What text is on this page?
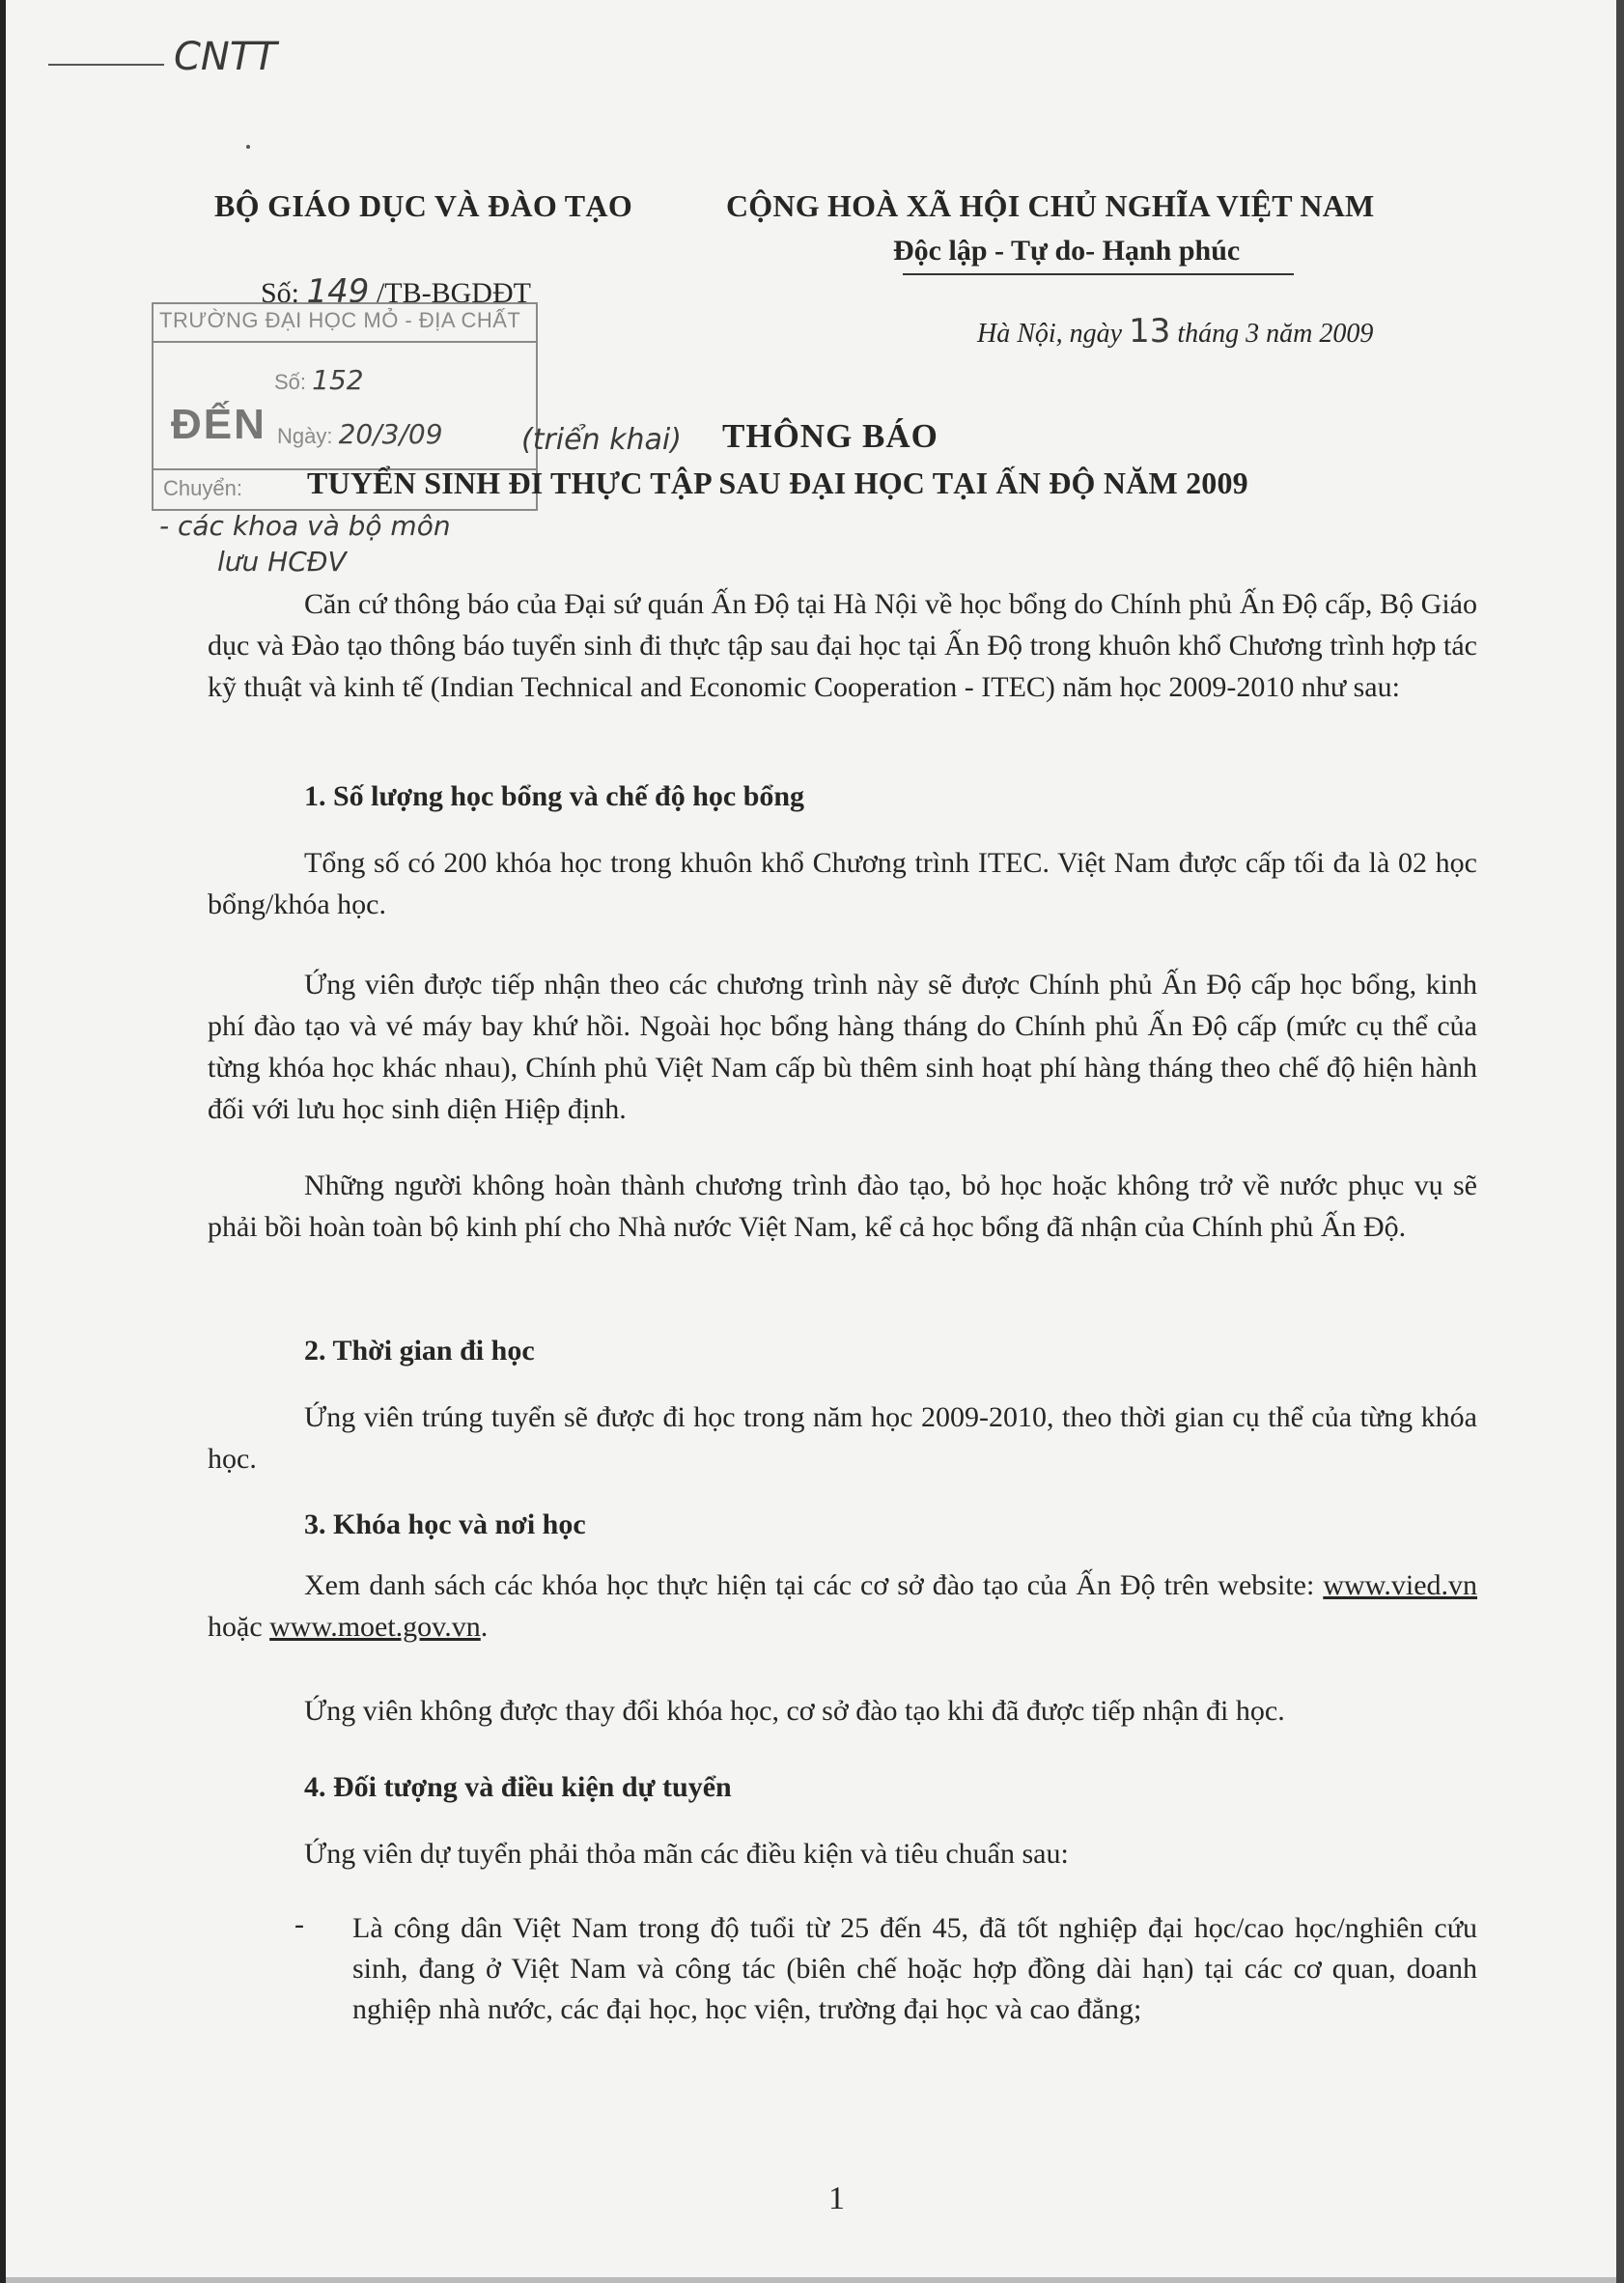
CNTT
BỘ GIÁO DỤC VÀ ĐÀO TẠO	CỘNG HOÀ XÃ HỘI CHỦ NGHĨA VIỆT NAM
Độc lập - Tự do- Hạnh phúc
Số: 149 /TB-BGDĐT
Hà Nội, ngày 13 tháng 3 năm 2009
TRƯỜNG ĐẠI HỌC MỎ - ĐỊA CHẤT
Số: 152
ĐẾN Ngày: 20/3/09
Chuyển:
(triển khai)
- các khoa và bộ môn
lưu HCĐV
THÔNG BÁO
TUYỂN SINH ĐI THỰC TẬP SAU ĐẠI HỌC TẠI ẤN ĐỘ NĂM 2009
Căn cứ thông báo của Đại sứ quán Ấn Độ tại Hà Nội về học bổng do Chính phủ Ấn Độ cấp, Bộ Giáo dục và Đào tạo thông báo tuyển sinh đi thực tập sau đại học tại Ấn Độ trong khuôn khổ Chương trình hợp tác kỹ thuật và kinh tế (Indian Technical and Economic Cooperation - ITEC) năm học 2009-2010 như sau:
1. Số lượng học bổng và chế độ học bổng
Tổng số có 200 khóa học trong khuôn khổ Chương trình ITEC. Việt Nam được cấp tối đa là 02 học bổng/khóa học.
Ứng viên được tiếp nhận theo các chương trình này sẽ được Chính phủ Ấn Độ cấp học bổng, kinh phí đào tạo và vé máy bay khứ hồi. Ngoài học bổng hàng tháng do Chính phủ Ấn Độ cấp (mức cụ thể của từng khóa học khác nhau), Chính phủ Việt Nam cấp bù thêm sinh hoạt phí hàng tháng theo chế độ hiện hành đối với lưu học sinh diện Hiệp định.
Những người không hoàn thành chương trình đào tạo, bỏ học hoặc không trở về nước phục vụ sẽ phải bồi hoàn toàn bộ kinh phí cho Nhà nước Việt Nam, kể cả học bổng đã nhận của Chính phủ Ấn Độ.
2. Thời gian đi học
Ứng viên trúng tuyển sẽ được đi học trong năm học 2009-2010, theo thời gian cụ thể của từng khóa học.
3. Khóa học và nơi học
Xem danh sách các khóa học thực hiện tại các cơ sở đào tạo của Ấn Độ trên website: www.vied.vn hoặc www.moet.gov.vn.
Ứng viên không được thay đổi khóa học, cơ sở đào tạo khi đã được tiếp nhận đi học.
4. Đối tượng và điều kiện dự tuyển
Ứng viên dự tuyển phải thỏa mãn các điều kiện và tiêu chuẩn sau:
- Là công dân Việt Nam trong độ tuổi từ 25 đến 45, đã tốt nghiệp đại học/cao học/nghiên cứu sinh, đang ở Việt Nam và công tác (biên chế hoặc hợp đồng dài hạn) tại các cơ quan, doanh nghiệp nhà nước, các đại học, học viện, trường đại học và cao đẳng;
1
